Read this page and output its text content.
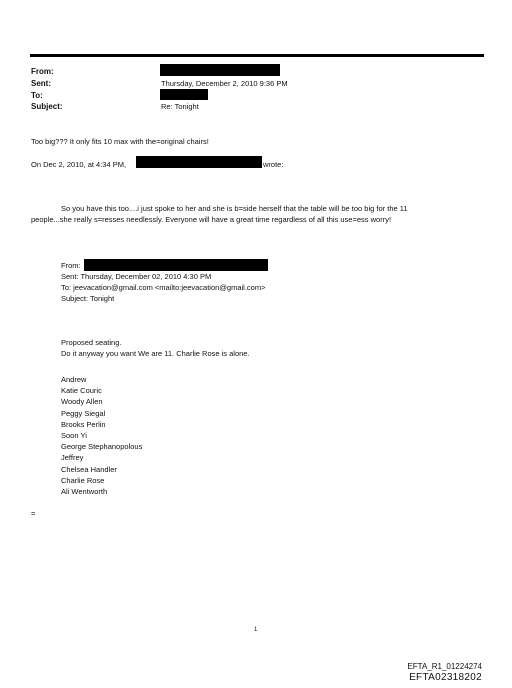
From:
Sent:	Thursday, December 2, 2010 9:36 PM
To:
Subject:	Re: Tonight
Too big??? It only fits 10 max with the=original chairs!
On Dec 2, 2010, at 4:34 PM,	wrote:
So you have this too....i just spoke to her and she is b=side herself that the table will be too big for the 11
people...she really s=resses needlessly. Everyone will have a great time regardless of all this use=ess worry!
From:
Sent: Thursday, December 02, 2010 4:30 PM
To: jeevacation@gmail.com <mailto:jeevacation@gmail.com>
Subject: Tonight
Proposed seating.
Do it anyway you want We are 11. Charlie Rose is alone.
Andrew
Katie Couric
Woody Allen
Peggy Siegal
Brooks Perlin
Soon Yi
George Stephanopolous
Jeffrey
Chelsea Handler
Charlie Rose
Ali Wentworth
=
1
EFTA_R1_01224274
EFTA02318202
